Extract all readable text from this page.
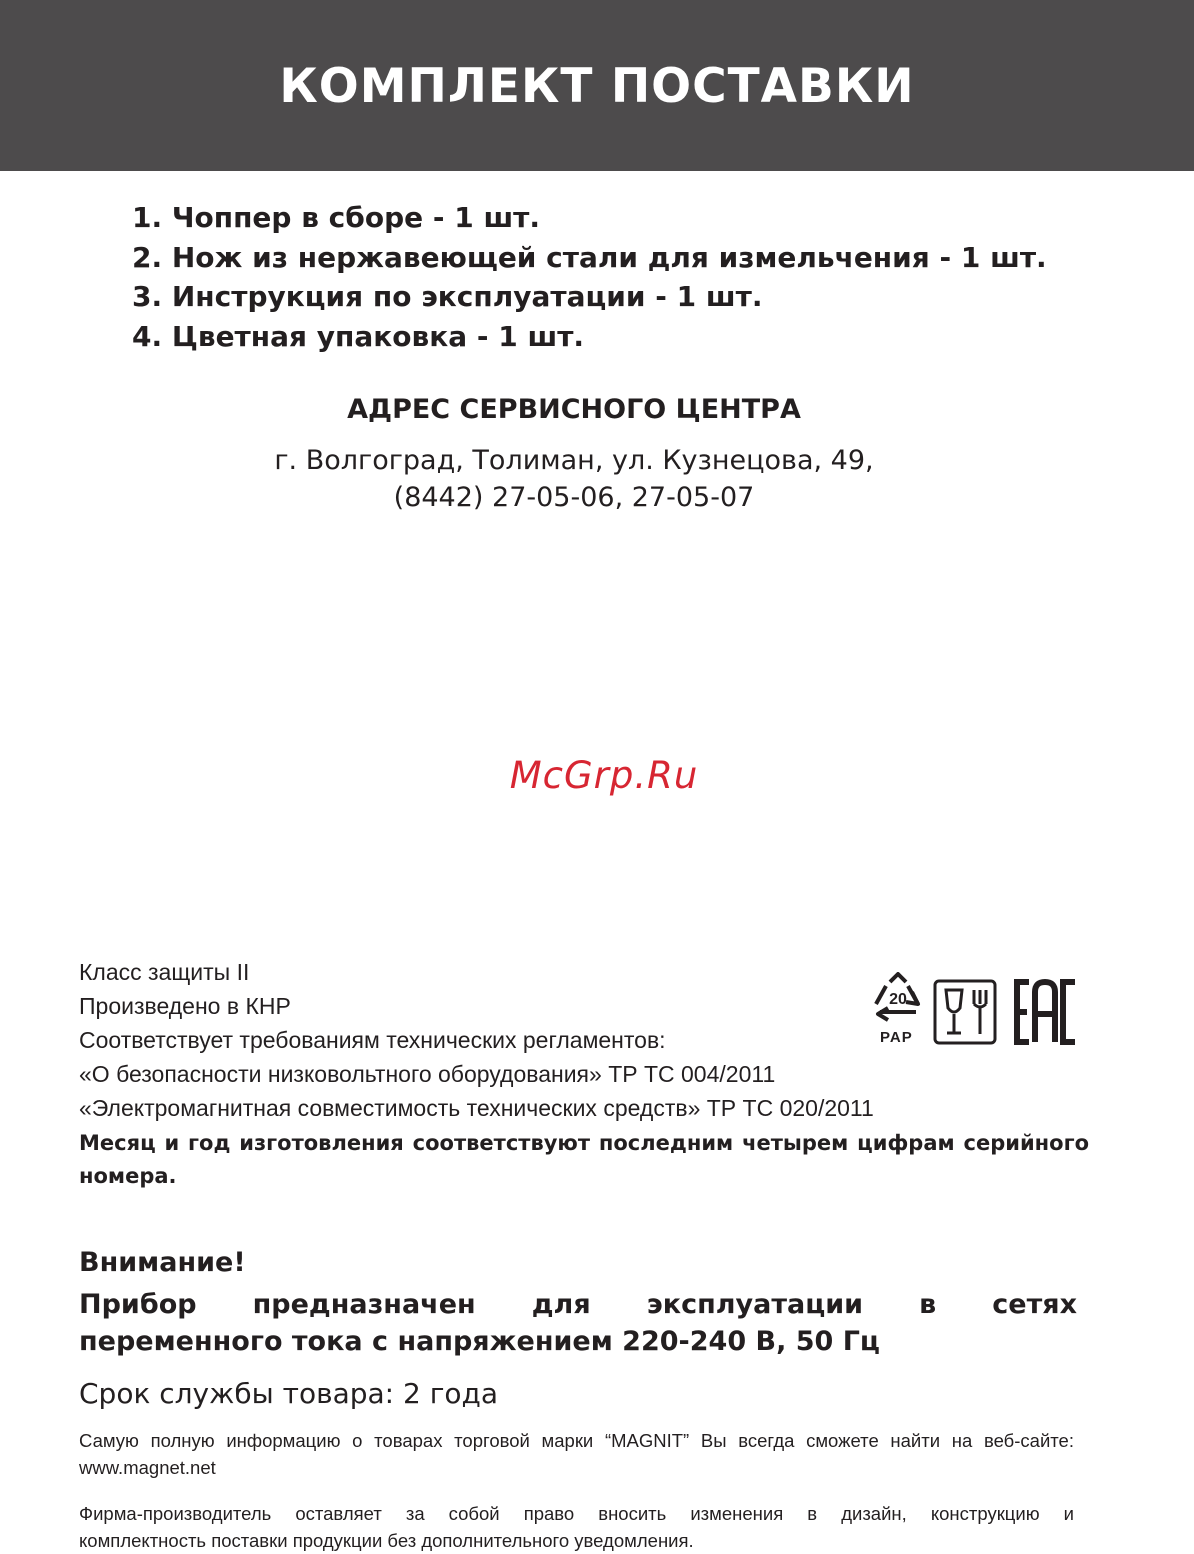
КОМПЛЕКТ ПОСТАВКИ
1. Чоппер в сборе - 1 шт.
2. Нож из нержавеющей стали для измельчения - 1 шт.
3. Инструкция по эксплуатации - 1 шт.
4. Цветная упаковка - 1 шт.
АДРЕС СЕРВИСНОГО ЦЕНТРА
г. Волгоград, Толиман, ул. Кузнецова, 49,
(8442) 27-05-06, 27-05-07
McGrp.Ru
Класс защиты II
Произведено в КНР
Соответствует требованиям технических регламентов:
«О безопасности низковольтного оборудования» ТР ТС 004/2011
«Электромагнитная совместимость технических средств» ТР ТС 020/2011
Месяц и год изготовления соответствуют последним четырем цифрам серийного номера.
20
PAP
Внимание!
Прибор предназначен для эксплуатации в сетях
переменного тока с напряжением 220-240 В, 50 Гц
Срок службы товара: 2 года
Самую полную информацию о товарах торговой марки “MAGNIT” Вы всегда сможете найти на веб-сайте:
www.magnet.net
Фирма-производитель оставляет за собой право вносить изменения в дизайн, конструкцию и
комплектность поставки продукции без дополнительного уведомления.
